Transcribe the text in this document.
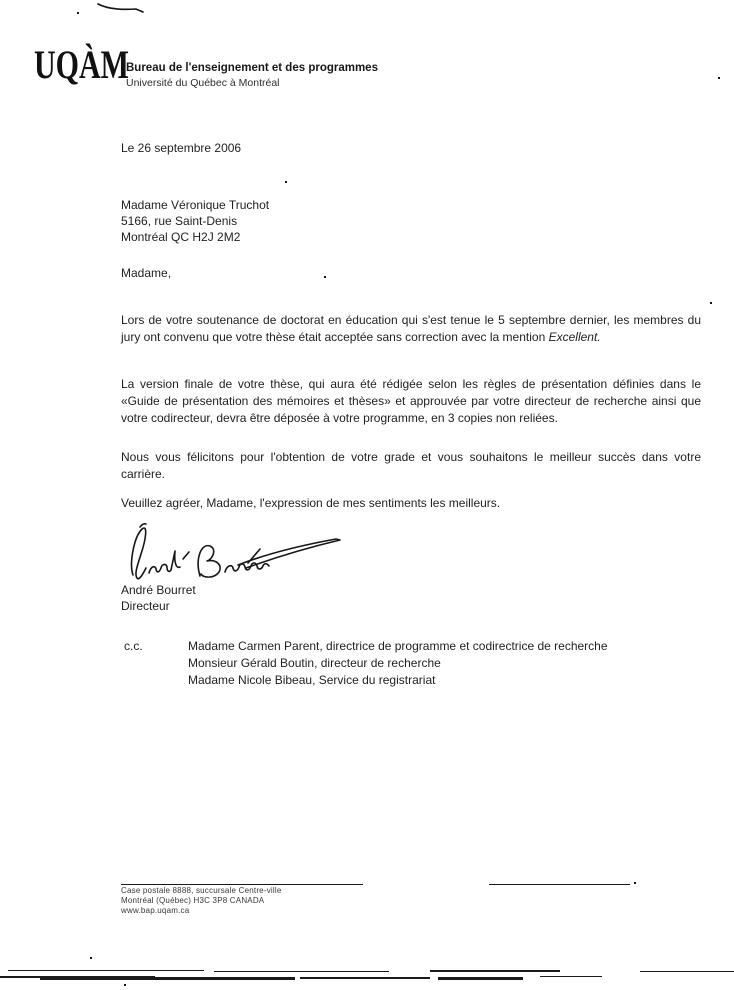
UQÀM
Bureau de l'enseignement et des programmes
Université du Québec à Montréal
Le 26 septembre 2006
Madame Véronique Truchot
5166, rue Saint-Denis
Montréal QC H2J 2M2
Madame,
Lors de votre soutenance de doctorat en éducation qui s'est tenue le 5 septembre dernier, les membres du jury ont convenu que votre thèse était acceptée sans correction avec la mention Excellent.
La version finale de votre thèse, qui aura été rédigée selon les règles de présentation définies dans le «Guide de présentation des mémoires et thèses» et approuvée par votre directeur de recherche ainsi que votre codirecteur, devra être déposée à votre programme, en 3 copies non reliées.
Nous vous félicitons pour l'obtention de votre grade et vous souhaitons le meilleur succès dans votre carrière.
Veuillez agréer, Madame, l'expression de mes sentiments les meilleurs.
André Bourret
Directeur
c.c.	Madame Carmen Parent, directrice de programme et codirectrice de recherche
Monsieur Gérald Boutin, directeur de recherche
Madame Nicole Bibeau, Service du registrariat
Case postale 8888, succursale Centre-ville
Montréal (Québec) H3C 3P8 CANADA
www.bap.uqam.ca
